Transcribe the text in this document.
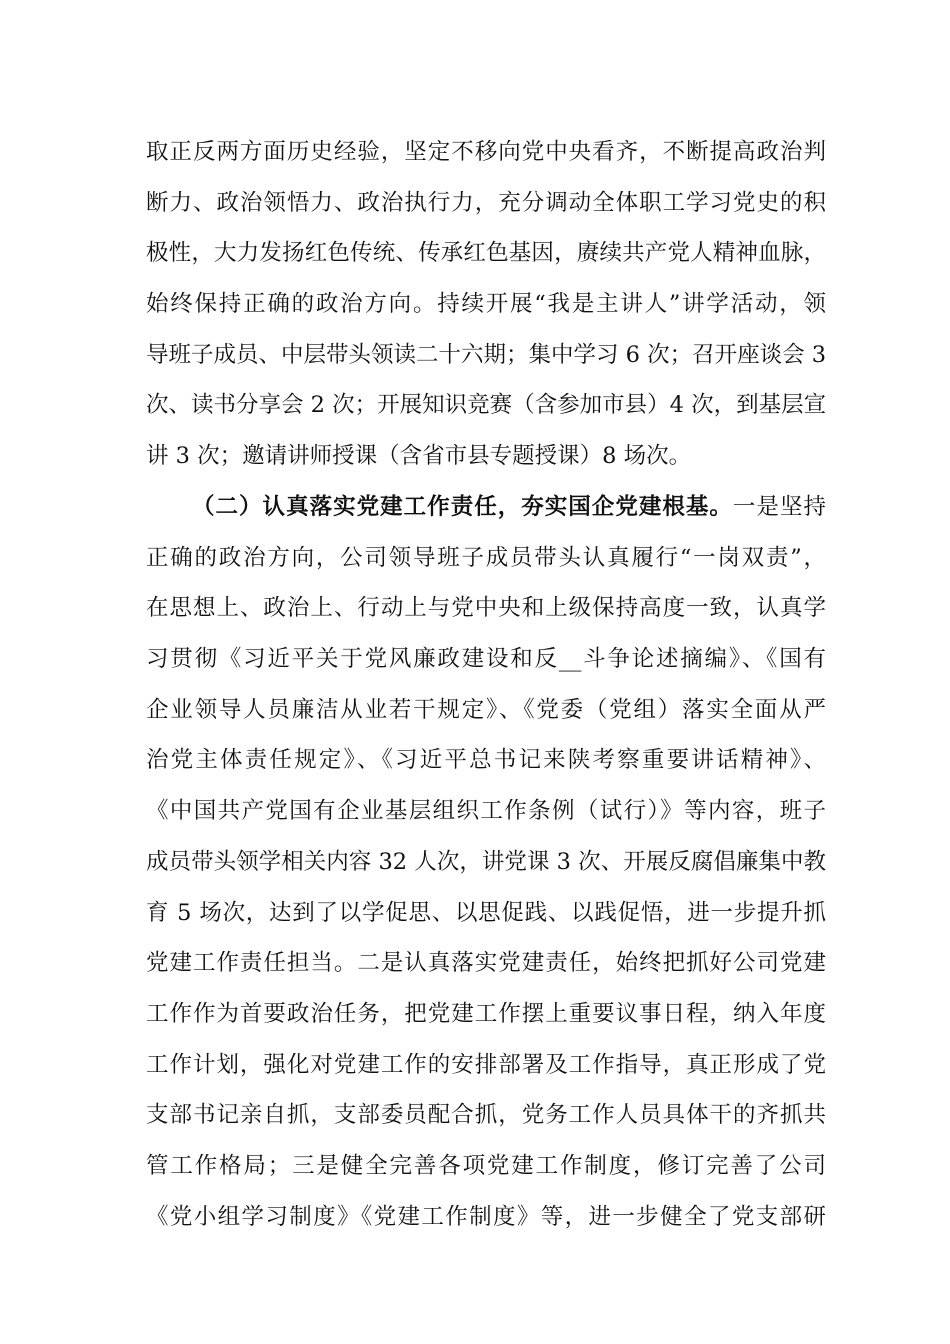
取正反两方面历史经验，坚定不移向党中央看齐，不断提高政治判
断力、政治领悟力、政治执行力，充分调动全体职工学习党史的积
极性，大力发扬红色传统、传承红色基因，赓续共产党人精神血脉，
始终保持正确的政治方向。持续开展“我是主讲人”讲学活动，领
导班子成员、中层带头领读二十六期；集中学习 6 次；召开座谈会 3
次、读书分享会 2 次；开展知识竞赛（含参加市县）4 次，到基层宣
讲 3 次；邀请讲师授课（含省市县专题授课）8 场次。
（二）认真落实党建工作责任，夯实国企党建根基。一是坚持
正确的政治方向，公司领导班子成员带头认真履行“一岗双责”，
在思想上、政治上、行动上与党中央和上级保持高度一致，认真学
习贯彻《习近平关于党风廉政建设和反__斗争论述摘编》、《国有
企业领导人员廉洁从业若干规定》、《党委（党组）落实全面从严
治党主体责任规定》、《习近平总书记来陕考察重要讲话精神》、
《中国共产党国有企业基层组织工作条例（试行）》等内容，班子
成员带头领学相关内容 32 人次，讲党课 3 次、开展反腐倡廉集中教
育 5 场次，达到了以学促思、以思促践、以践促悟，进一步提升抓
党建工作责任担当。二是认真落实党建责任，始终把抓好公司党建
工作作为首要政治任务，把党建工作摆上重要议事日程，纳入年度
工作计划，强化对党建工作的安排部署及工作指导，真正形成了党
支部书记亲自抓，支部委员配合抓，党务工作人员具体干的齐抓共
管工作格局；三是健全完善各项党建工作制度，修订完善了公司
《党小组学习制度》《党建工作制度》等，进一步健全了党支部研
